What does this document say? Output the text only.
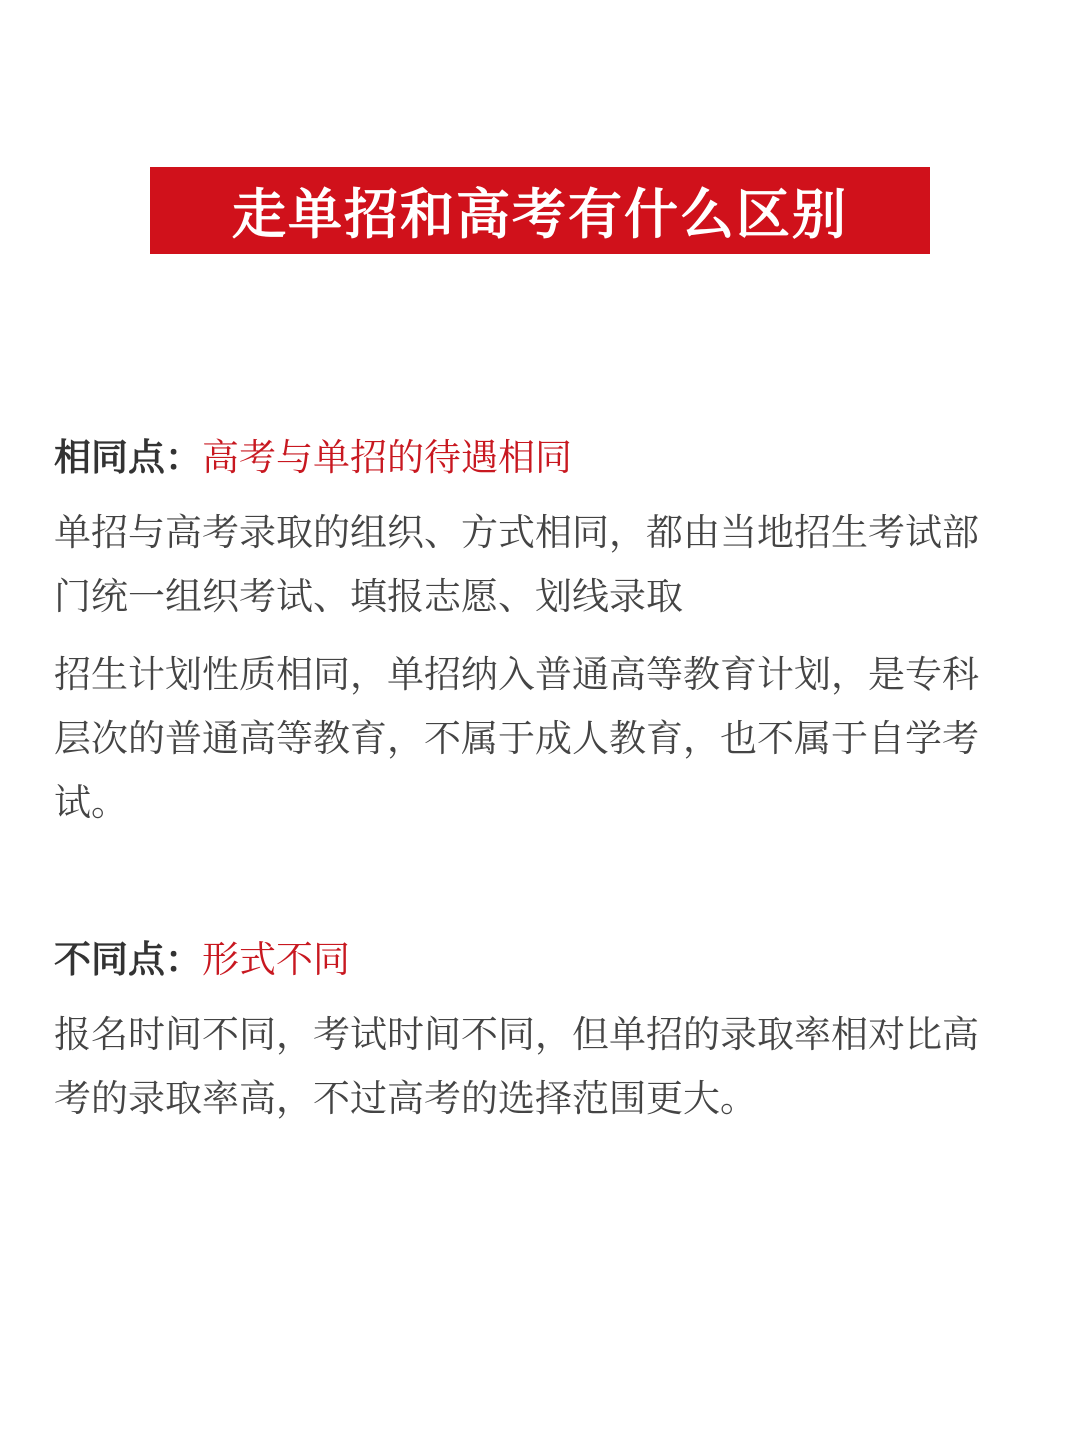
走单招和高考有什么区别
相同点：高考与单招的待遇相同

单招与高考录取的组织、方式相同，都由当地招生考试部门统一组织考试、填报志愿、划线录取

招生计划性质相同，单招纳入普通高等教育计划，是专科层次的普通高等教育，不属于成人教育，也不属于自学考试。

不同点：形式不同

报名时间不同，考试时间不同，但单招的录取率相对比高考的录取率高，不过高考的选择范围更大。
